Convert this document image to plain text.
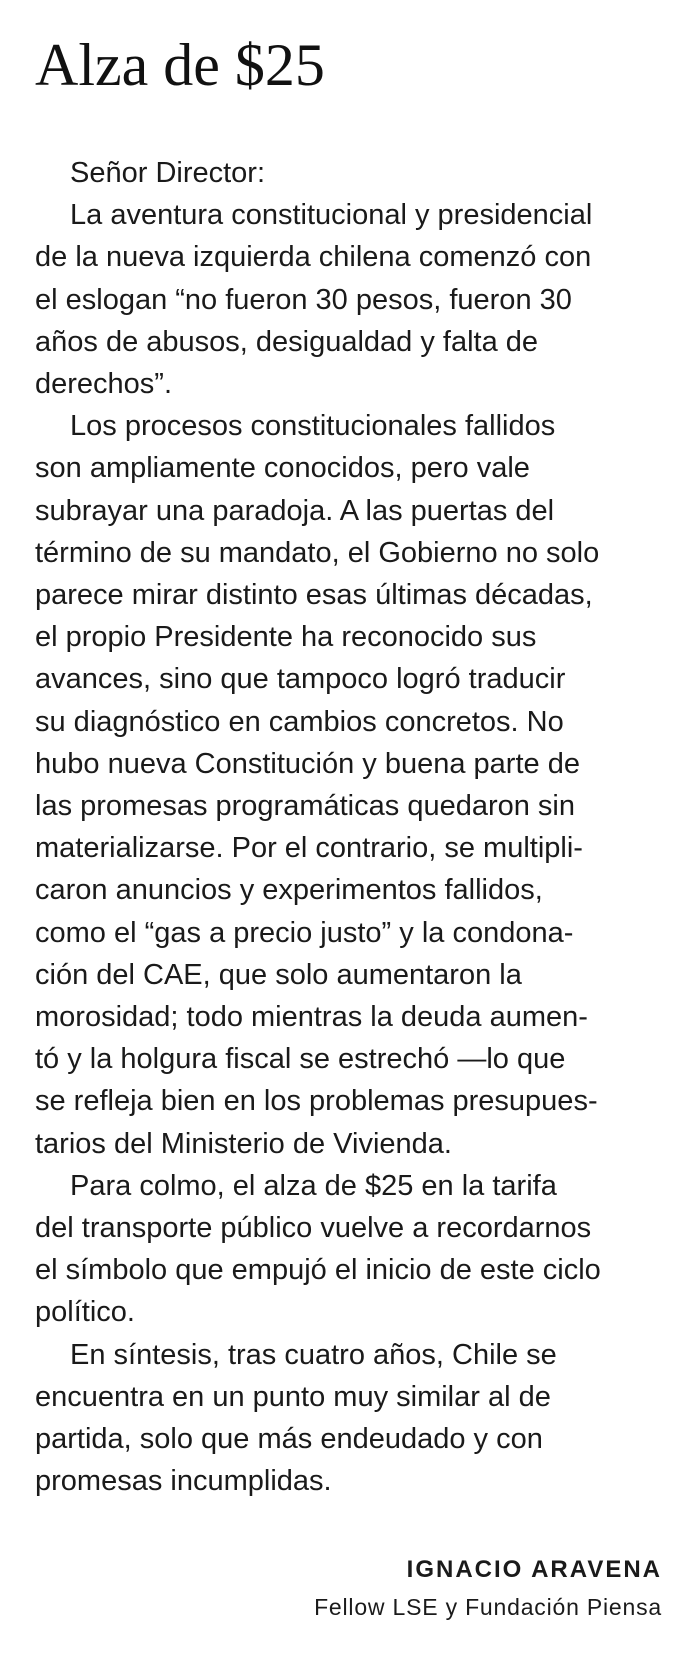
Alza de $25
Señor Director:
La aventura constitucional y presidencial
de la nueva izquierda chilena comenzó con
el eslogan “no fueron 30 pesos, fueron 30
años de abusos, desigualdad y falta de
derechos”.
Los procesos constitucionales fallidos
son ampliamente conocidos, pero vale
subrayar una paradoja. A las puertas del
término de su mandato, el Gobierno no solo
parece mirar distinto esas últimas décadas,
el propio Presidente ha reconocido sus
avances, sino que tampoco logró traducir
su diagnóstico en cambios concretos. No
hubo nueva Constitución y buena parte de
las promesas programáticas quedaron sin
materializarse. Por el contrario, se multipli-
caron anuncios y experimentos fallidos,
como el “gas a precio justo” y la condona-
ción del CAE, que solo aumentaron la
morosidad; todo mientras la deuda aumen-
tó y la holgura fiscal se estrechó —lo que
se refleja bien en los problemas presupues-
tarios del Ministerio de Vivienda.
Para colmo, el alza de $25 en la tarifa
del transporte público vuelve a recordarnos
el símbolo que empujó el inicio de este ciclo
político.
En síntesis, tras cuatro años, Chile se
encuentra en un punto muy similar al de
partida, solo que más endeudado y con
promesas incumplidas.
IGNACIO ARAVENA
Fellow LSE y Fundación Piensa
